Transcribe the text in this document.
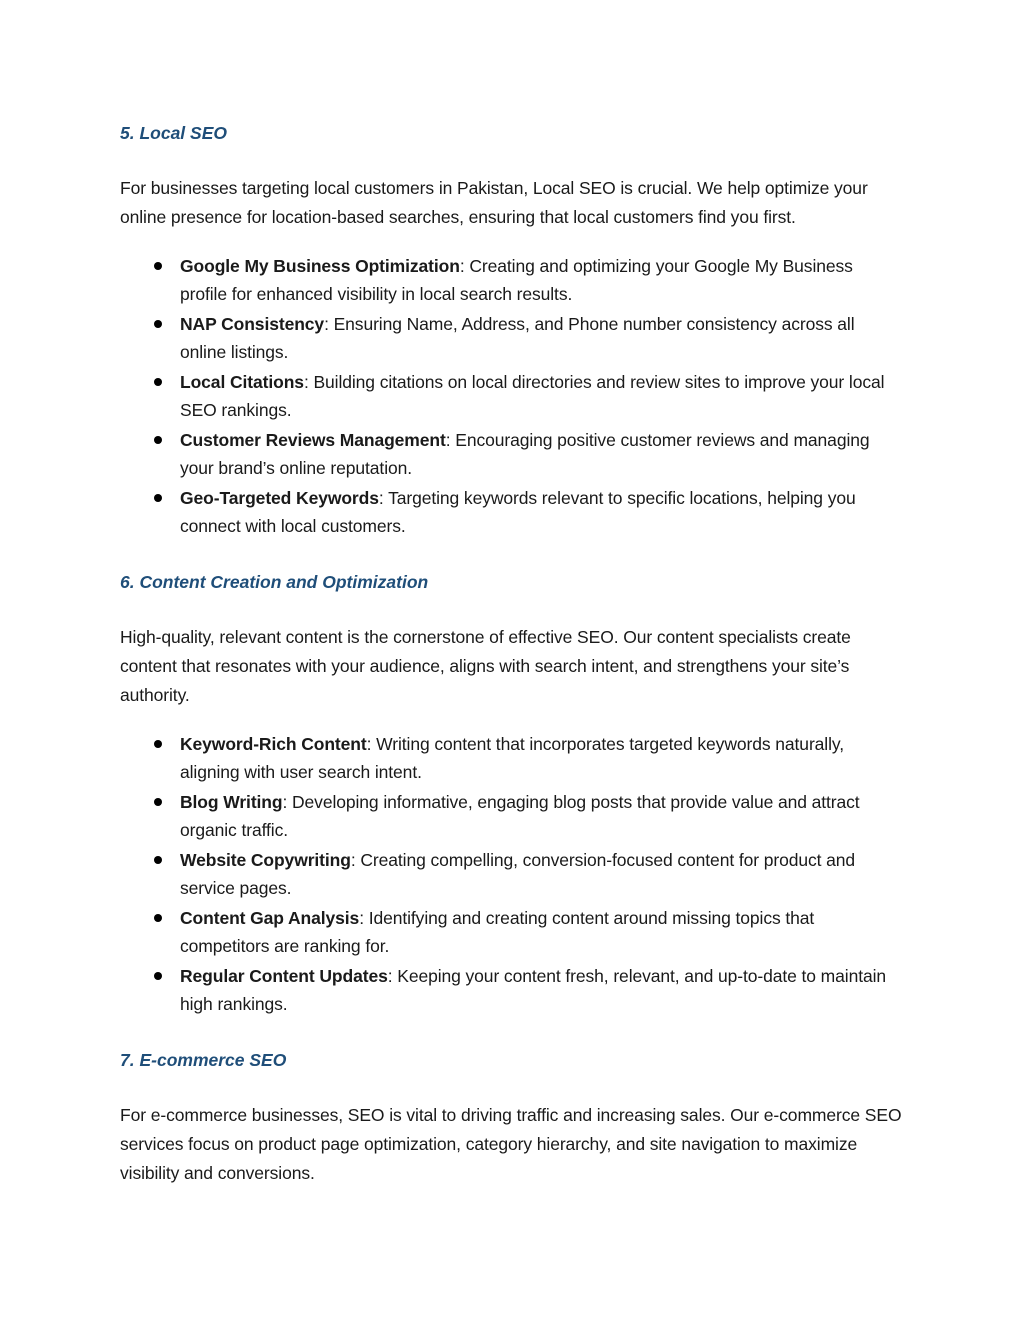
5. Local SEO

For businesses targeting local customers in Pakistan, Local SEO is crucial. We help optimize your online presence for location-based searches, ensuring that local customers find you first.

Google My Business Optimization: Creating and optimizing your Google My Business profile for enhanced visibility in local search results.
NAP Consistency: Ensuring Name, Address, and Phone number consistency across all online listings.
Local Citations: Building citations on local directories and review sites to improve your local SEO rankings.
Customer Reviews Management: Encouraging positive customer reviews and managing your brand’s online reputation.
Geo-Targeted Keywords: Targeting keywords relevant to specific locations, helping you connect with local customers.
6. Content Creation and Optimization

High-quality, relevant content is the cornerstone of effective SEO. Our content specialists create content that resonates with your audience, aligns with search intent, and strengthens your site’s authority.

Keyword-Rich Content: Writing content that incorporates targeted keywords naturally, aligning with user search intent.
Blog Writing: Developing informative, engaging blog posts that provide value and attract organic traffic.
Website Copywriting: Creating compelling, conversion-focused content for product and service pages.
Content Gap Analysis: Identifying and creating content around missing topics that competitors are ranking for.
Regular Content Updates: Keeping your content fresh, relevant, and up-to-date to maintain high rankings.
7. E-commerce SEO

For e-commerce businesses, SEO is vital to driving traffic and increasing sales. Our e-commerce SEO services focus on product page optimization, category hierarchy, and site navigation to maximize visibility and conversions.
